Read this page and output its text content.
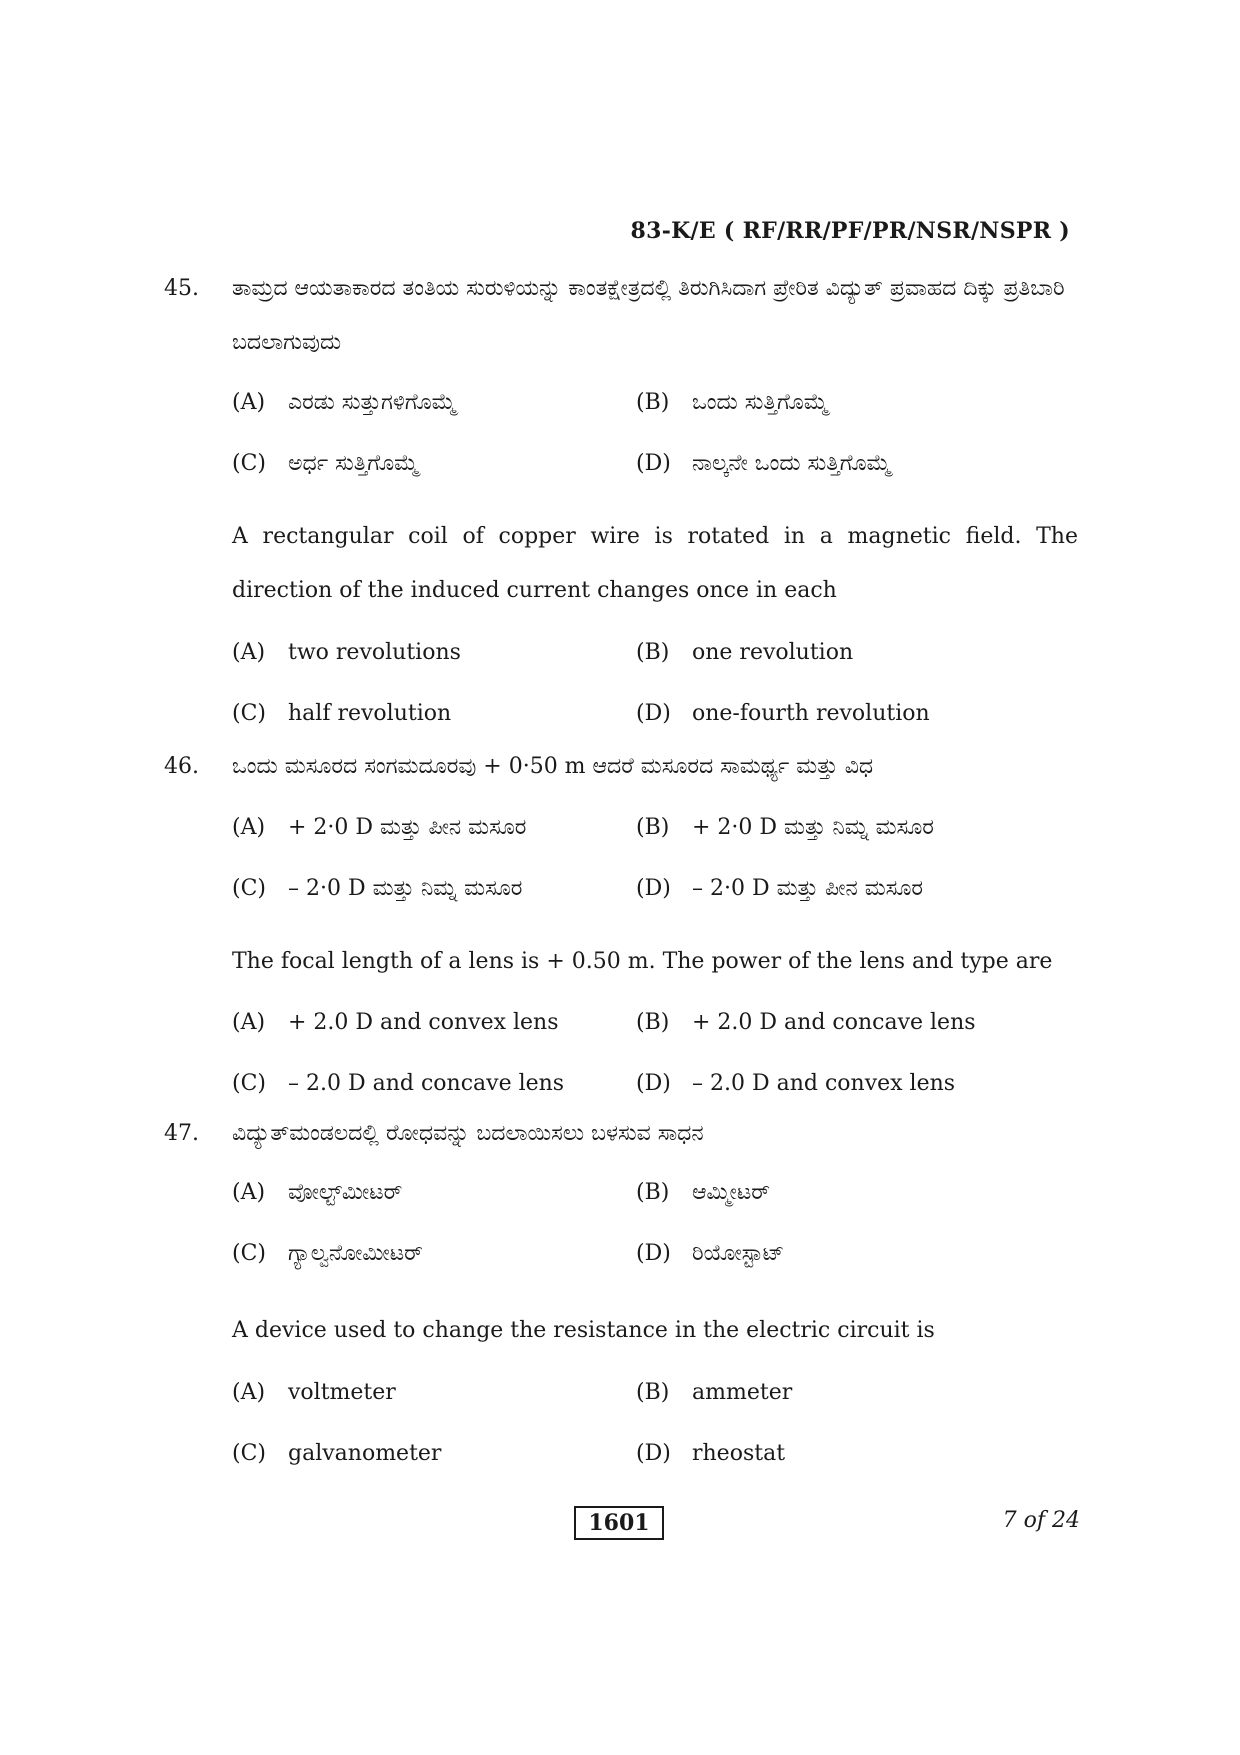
83-K/E ( RF/RR/PF/PR/NSR/NSPR )
45. ತಾಮ್ರದ ಆಯತಾಕಾರದ ತಂತಿಯ ಸುರುಳಿಯನ್ನು ಕಾಂತಕ್ಷೇತ್ರದಲ್ಲಿ ತಿರುಗಿಸಿದಾಗ ಪ್ರೇರಿತ ವಿದ್ಯುತ್ ಪ್ರವಾಹದ ದಿಕ್ಕು ಪ್ರತಿಬಾರಿ ಬದಲಾಗುವುದು
(A) ಎರಡು ಸುತ್ತುಗಳಿಗೊಮ್ಮೆ	(B) ಒಂದು ಸುತ್ತಿಗೊಮ್ಮೆ
(C) ಅರ್ಧ ಸುತ್ತಿಗೊಮ್ಮೆ	(D) ನಾಲ್ಕನೇ ಒಂದು ಸುತ್ತಿಗೊಮ್ಮೆ
A rectangular coil of copper wire is rotated in a magnetic field. The direction of the induced current changes once in each
(A) two revolutions	(B) one revolution
(C) half revolution	(D) one-fourth revolution
46. ಒಂದು ಮಸೂರದ ಸಂಗಮದೂರವು + 0·50 m ಆದರೆ ಮಸೂರದ ಸಾಮರ್ಥ್ಯ ಮತ್ತು ವಿಧ
(A) + 2·0 D ಮತ್ತು ಪೀನ ಮಸೂರ	(B) + 2·0 D ಮತ್ತು ನಿಮ್ನ ಮಸೂರ
(C) – 2·0 D ಮತ್ತು ನಿಮ್ನ ಮಸೂರ	(D) – 2·0 D ಮತ್ತು ಪೀನ ಮಸೂರ
The focal length of a lens is + 0.50 m. The power of the lens and type are
(A) + 2.0 D and convex lens	(B) + 2.0 D and concave lens
(C) – 2.0 D and concave lens	(D) – 2.0 D and convex lens
47. ವಿದ್ಯುತ್‌ಮಂಡಲದಲ್ಲಿ ರೋಧವನ್ನು ಬದಲಾಯಿಸಲು ಬಳಸುವ ಸಾಧನ
(A) ವೋಲ್ಟ್‌ಮೀಟರ್	(B) ಆಮ್ಮೀಟರ್
(C) ಗ್ಯಾಲ್ವನೋಮೀಟರ್	(D) ರಿಯೋಸ್ಟಾಟ್
A device used to change the resistance in the electric circuit is
(A) voltmeter	(B) ammeter
(C) galvanometer	(D) rheostat
1601	7 of 24
